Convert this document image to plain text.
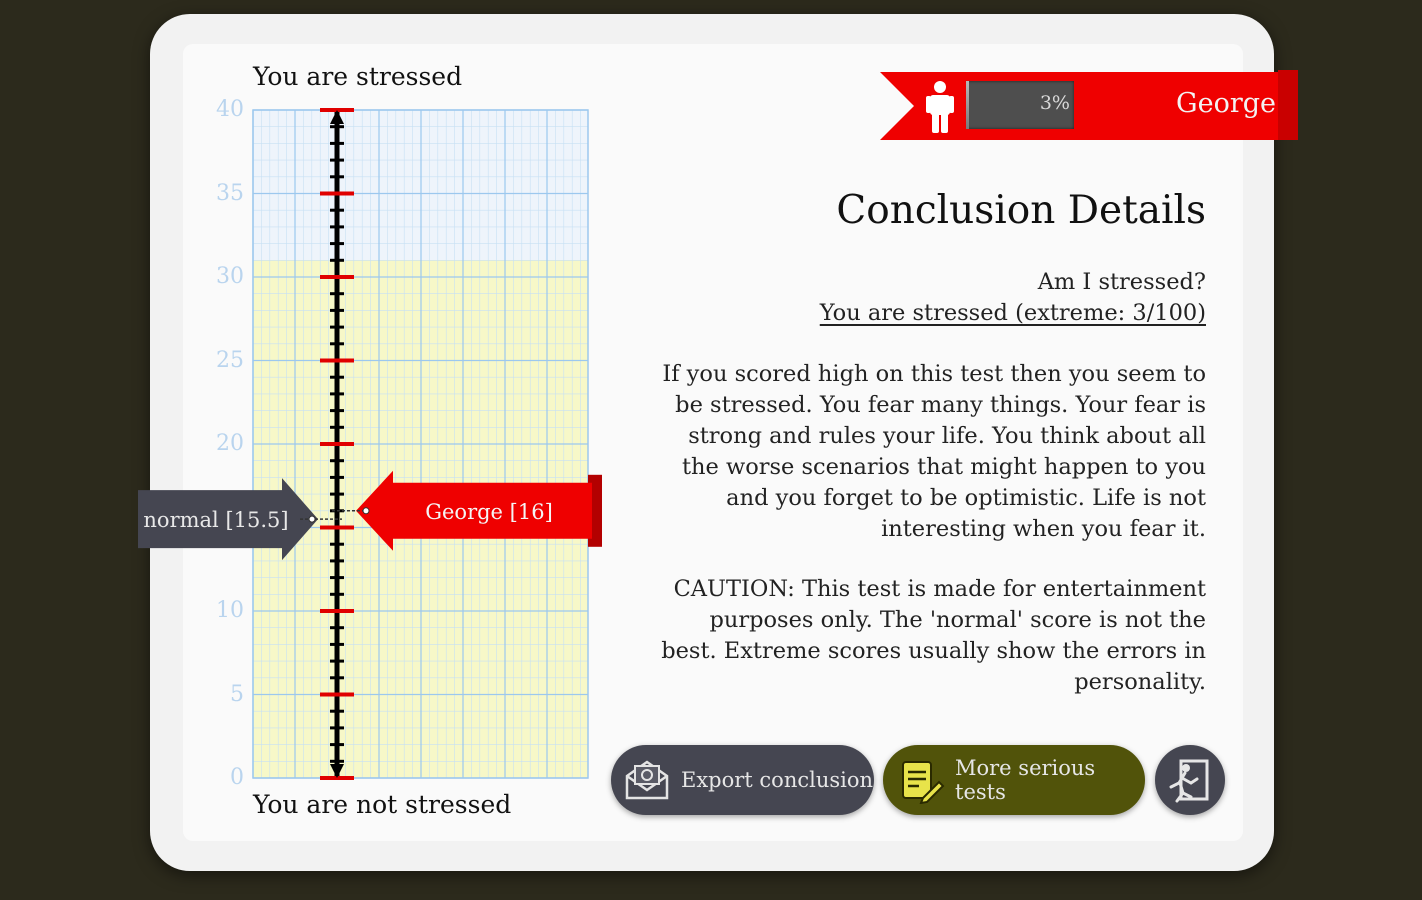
You are stressed
You are not stressed
0
5
10
20
25
30
35
40
normal [15.5]	George [16]
3%	George
Conclusion Details
Am I stressed?
You are stressed (extreme: 3/100)
If you scored high on this test then you seem to be stressed. You fear many things. Your fear is strong and rules your life. You think about all the worse scenarios that might happen to you and you forget to be optimistic. Life is not interesting when you fear it.
CAUTION: This test is made for entertainment purposes only. The 'normal' score is not the best. Extreme scores usually show the errors in personality.
Export conclusion	More serious tests
